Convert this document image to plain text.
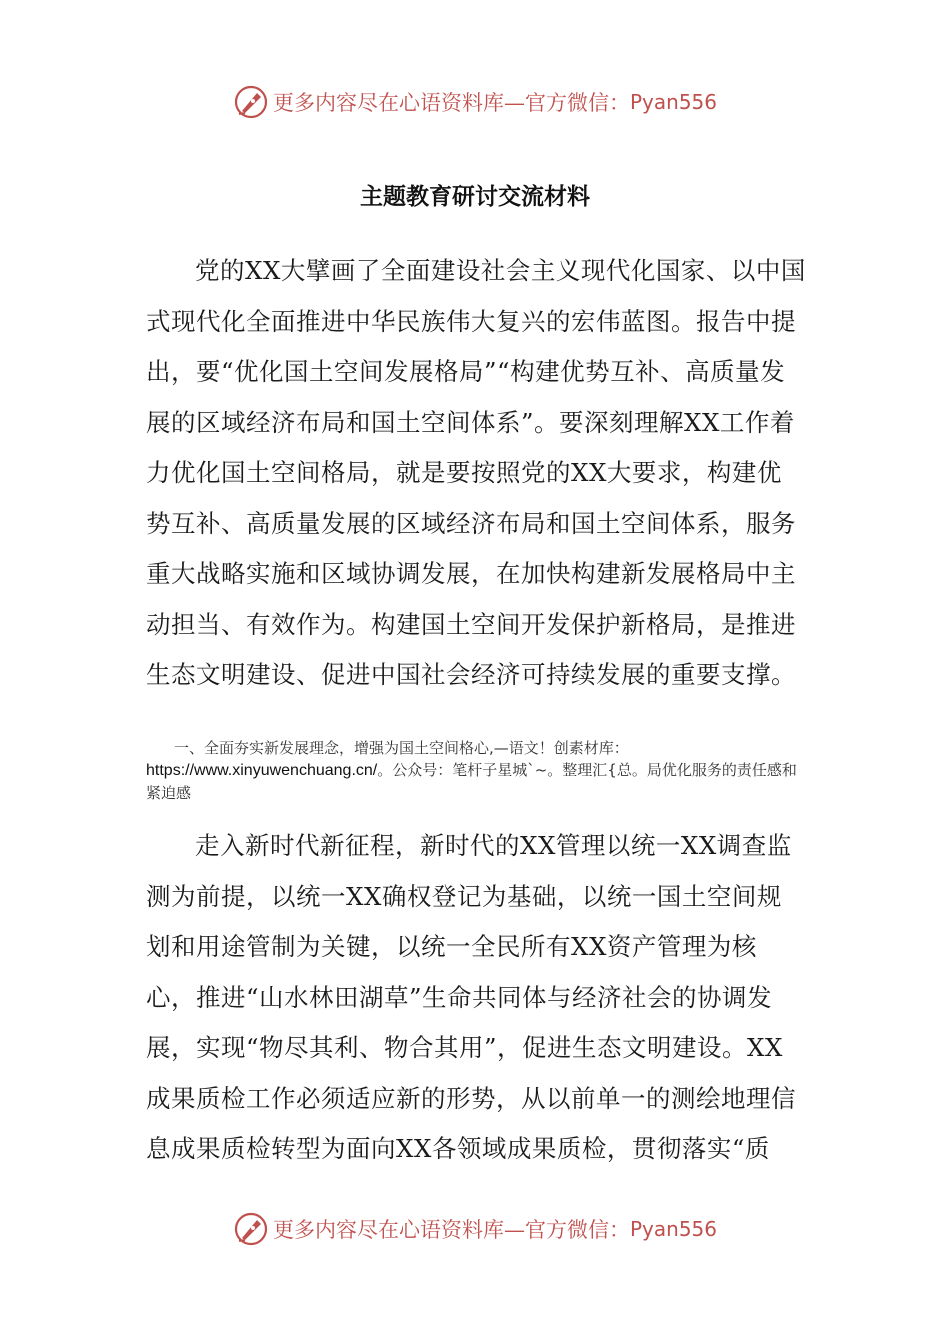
更多内容尽在心语资料库—官方微信： Pyan556
主题教育研讨交流材料

党的XX大擘画了全面建设社会主义现代化国家、以中国式现代化全面推进中华民族伟大复兴的宏伟蓝图。报告中提出，要“优化国土空间发展格局”“构建优势互补、高质量发展的区域经济布局和国土空间体系”。要深刻理解XX工作着力优化国土空间格局，就是要按照党的XX大要求，构建优势互补、高质量发展的区域经济布局和国土空间体系，服务重大战略实施和区域协调发展，在加快构建新发展格局中主动担当、有效作为。构建国土空间开发保护新格局，是推进生态文明建设、促进中国社会经济可持续发展的重要支撑。

一、全面夯实新发展理念，增强为国土空间格心,—语文！创素材库：
https://www.xinyuwenchuang.cn/。公众号：笔杆子星城`~。整理汇{总。局优化服务的责任感和紧迫感

走入新时代新征程，新时代的XX管理以统一XX调查监测为前提，以统一XX确权登记为基础，以统一国土空间规划和用途管制为关键，以统一全民所有XX资产管理为核心，推进“山水林田湖草”生命共同体与经济社会的协调发展，实现“物尽其利、物合其用”，促进生态文明建设。XX成果质检工作必须适应新的形势，从以前单一的测绘地理信息成果质检转型为面向XX各领域成果质检，贯彻落实“质

更多内容尽在心语资料库—官方微信： Pyan556
